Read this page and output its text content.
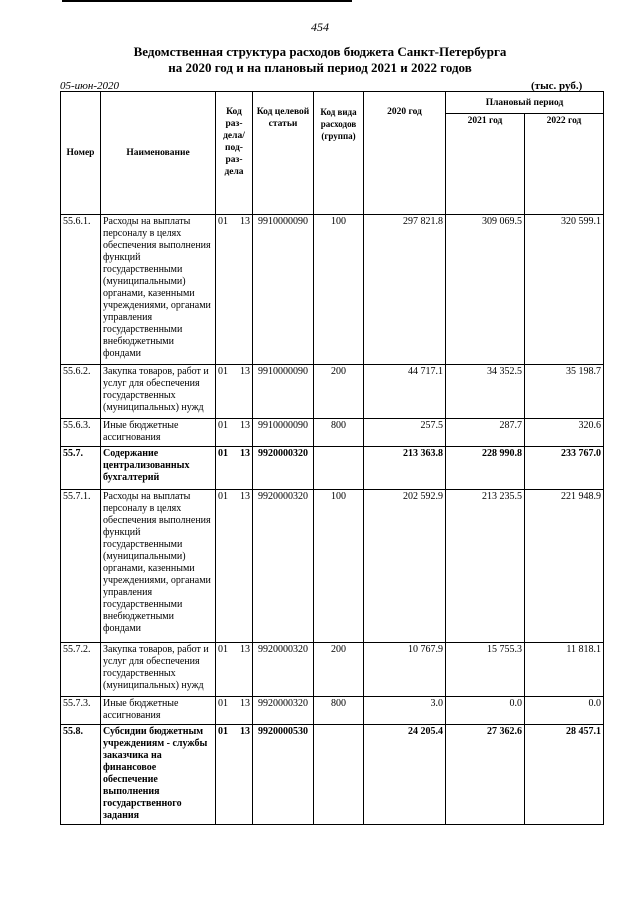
454
Ведомственная структура расходов бюджета Санкт-Петербурга
на 2020 год и на плановый период 2021 и 2022 годов
05-июн-2020	(тыс. руб.)
Номер	Наименование	Код раз- дела/ под- раз- дела	Код целевой статьи	Код вида расходов (группа)	2020 год	Плановый период	
						2021 год	2022 год
55.6.1.	Расходы на выплаты персоналу в целях обеспечения выполнения функций государственными (муниципальными) органами, казенными учреждениями, органами управления государственными внебюджетными фондами	01 13	9910000090	100	297 821.8	309 069.5	320 599.1
55.6.2.	Закупка товаров, работ и услуг для обеспечения государственных (муниципальных) нужд	01 13	9910000090	200	44 717.1	34 352.5	35 198.7
55.6.3.	Иные бюджетные ассигнования	01 13	9910000090	800	257.5	287.7	320.6
55.7.	Содержание централизованных бухгалтерий	01 13	9920000320		213 363.8	228 990.8	233 767.0
55.7.1.	Расходы на выплаты персоналу в целях обеспечения выполнения функций государственными (муниципальными) органами, казенными учреждениями, органами управления государственными внебюджетными фондами	01 13	9920000320	100	202 592.9	213 235.5	221 948.9
55.7.2.	Закупка товаров, работ и услуг для обеспечения государственных (муниципальных) нужд	01 13	9920000320	200	10 767.9	15 755.3	11 818.1
55.7.3.	Иные бюджетные ассигнования	01 13	9920000320	800	3.0	0.0	0.0
55.8.	Субсидии бюджетным учреждениям - службы заказчика на финансовое обеспечение выполнения государственного задания	01 13	9920000530		24 205.4	27 362.6	28 457.1
